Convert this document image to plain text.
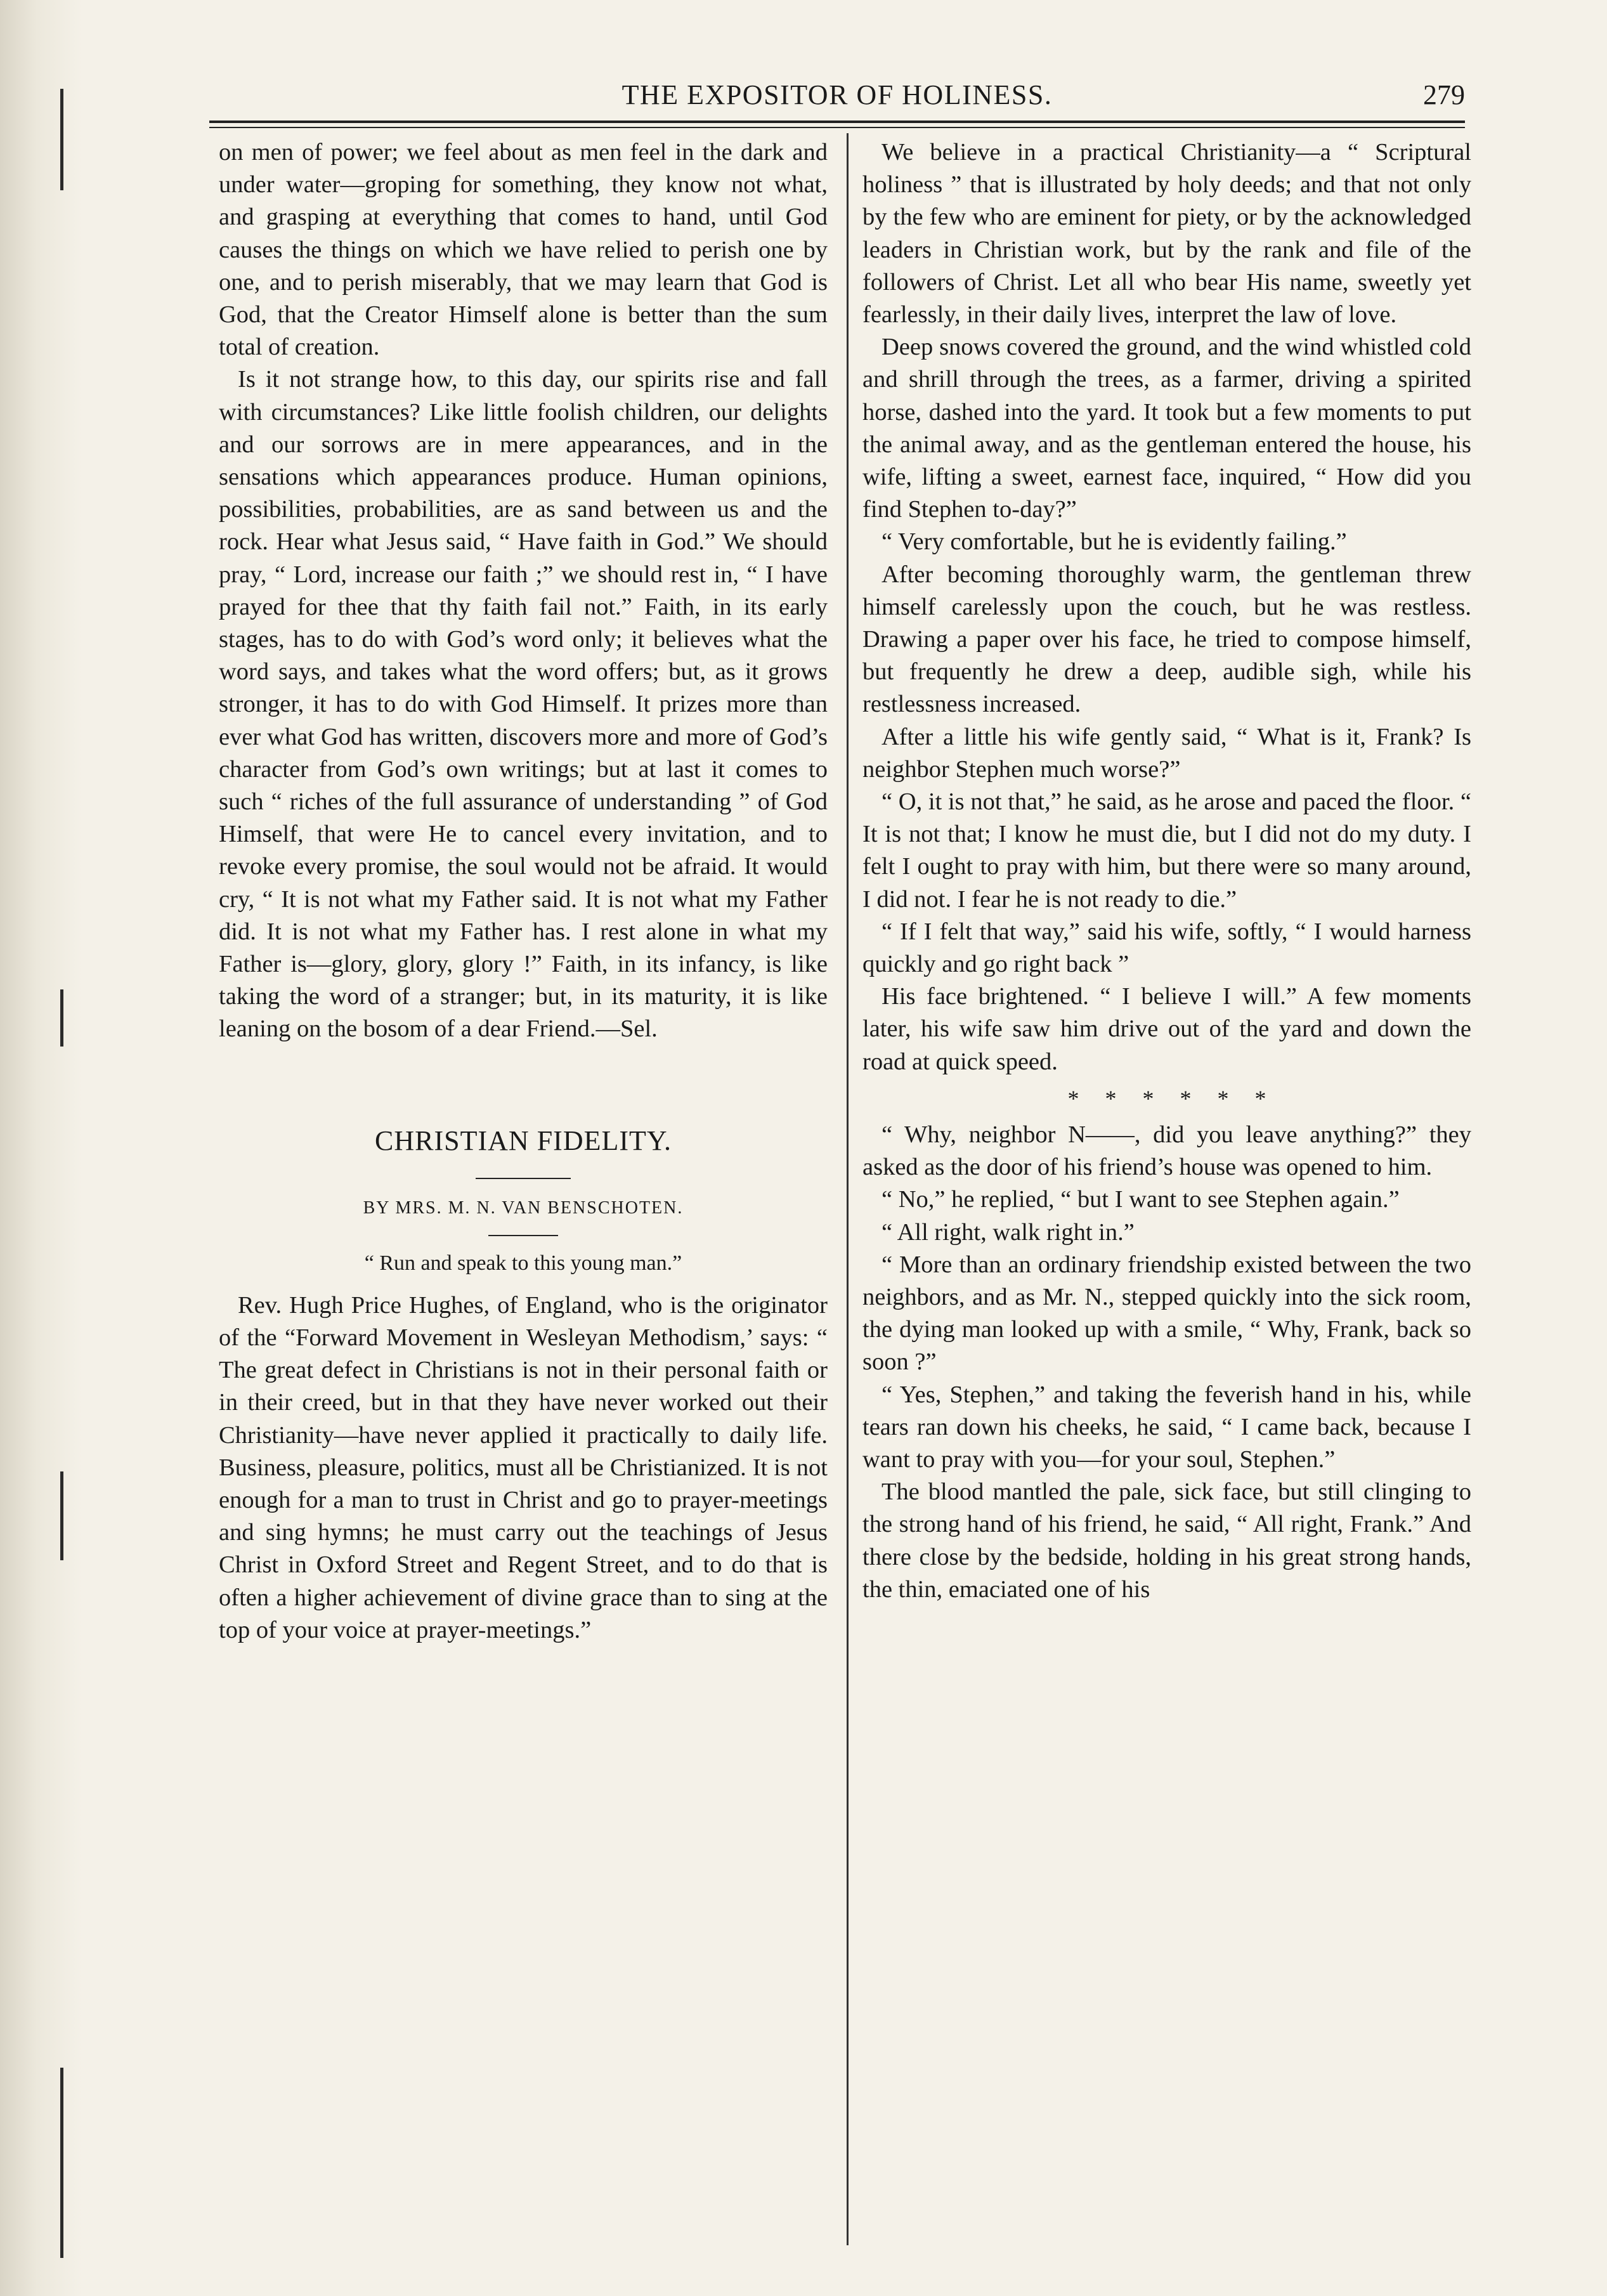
THE EXPOSITOR OF HOLINESS.	279

on men of power; we feel about as men feel in the dark and under water—groping for something, they know not what, and grasping at everything that comes to hand, until God causes the things on which we have relied to perish one by one, and to perish miserably, that we may learn that God is God, that the Creator Himself alone is better than the sum total of creation.

Is it not strange how, to this day, our spirits rise and fall with circumstances? Like little foolish children, our delights and our sorrows are in mere appearances, and in the sensations which appearances produce. Human opinions, possibilities, probabilities, are as sand between us and the rock. Hear what Jesus said, “ Have faith in God.” We should pray, “ Lord, increase our faith ;” we should rest in, “ I have prayed for thee that thy faith fail not.” Faith, in its early stages, has to do with God’s word only; it believes what the word says, and takes what the word offers; but, as it grows stronger, it has to do with God Himself. It prizes more than ever what God has written, discovers more and more of God’s character from God’s own writings; but at last it comes to such “ riches of the full assurance of understanding ” of God Himself, that were He to cancel every invitation, and to revoke every promise, the soul would not be afraid. It would cry, “ It is not what my Father said. It is not what my Father did. It is not what my Father has. I rest alone in what my Father is—glory, glory, glory !” Faith, in its infancy, is like taking the word of a stranger; but, in its maturity, it is like leaning on the bosom of a dear Friend.—Sel.

CHRISTIAN FIDELITY.

BY MRS. M. N. VAN BENSCHOTEN.

“ Run and speak to this young man.”

Rev. Hugh Price Hughes, of England, who is the originator of the “Forward Movement in Wesleyan Methodism,’ says: “ The great defect in Christians is not in their personal faith or in their creed, but in that they have never worked out their Christianity—have never applied it practically to daily life. Business, pleasure, politics, must all be Christianized. It is not enough for a man to trust in Christ and go to prayer-meetings and sing hymns; he must carry out the teachings of Jesus Christ in Oxford Street and Regent Street, and to do that is often a higher achievement of divine grace than to sing at the top of your voice at prayer-meetings.”

We believe in a practical Christianity—a “ Scriptural holiness ” that is illustrated by holy deeds; and that not only by the few who are eminent for piety, or by the acknowledged leaders in Christian work, but by the rank and file of the followers of Christ. Let all who bear His name, sweetly yet fearlessly, in their daily lives, interpret the law of love.

Deep snows covered the ground, and the wind whistled cold and shrill through the trees, as a farmer, driving a spirited horse, dashed into the yard. It took but a few moments to put the animal away, and as the gentleman entered the house, his wife, lifting a sweet, earnest face, inquired, “ How did you find Stephen to-day?”

“ Very comfortable, but he is evidently failing.”

After becoming thoroughly warm, the gentleman threw himself carelessly upon the couch, but he was restless. Drawing a paper over his face, he tried to compose himself, but frequently he drew a deep, audible sigh, while his restlessness increased.

After a little his wife gently said, “ What is it, Frank? Is neighbor Stephen much worse?”

“ O, it is not that,” he said, as he arose and paced the floor. “ It is not that; I know he must die, but I did not do my duty. I felt I ought to pray with him, but there were so many around, I did not. I fear he is not ready to die.”

“ If I felt that way,” said his wife, softly, “ I would harness quickly and go right back ”

His face brightened. “ I believe I will.” A few moments later, his wife saw him drive out of the yard and down the road at quick speed.

* * * * * *

“ Why, neighbor N——, did you leave anything?” they asked as the door of his friend’s house was opened to him.

“ No,” he replied, “ but I want to see Stephen again.”

“ All right, walk right in.”

“ More than an ordinary friendship existed between the two neighbors, and as Mr. N., stepped quickly into the sick room, the dying man looked up with a smile, “ Why, Frank, back so soon ?”

“ Yes, Stephen,” and taking the feverish hand in his, while tears ran down his cheeks, he said, “ I came back, because I want to pray with you—for your soul, Stephen.”

The blood mantled the pale, sick face, but still clinging to the strong hand of his friend, he said, “ All right, Frank.” And there close by the bedside, holding in his great strong hands, the thin, emaciated one of his
